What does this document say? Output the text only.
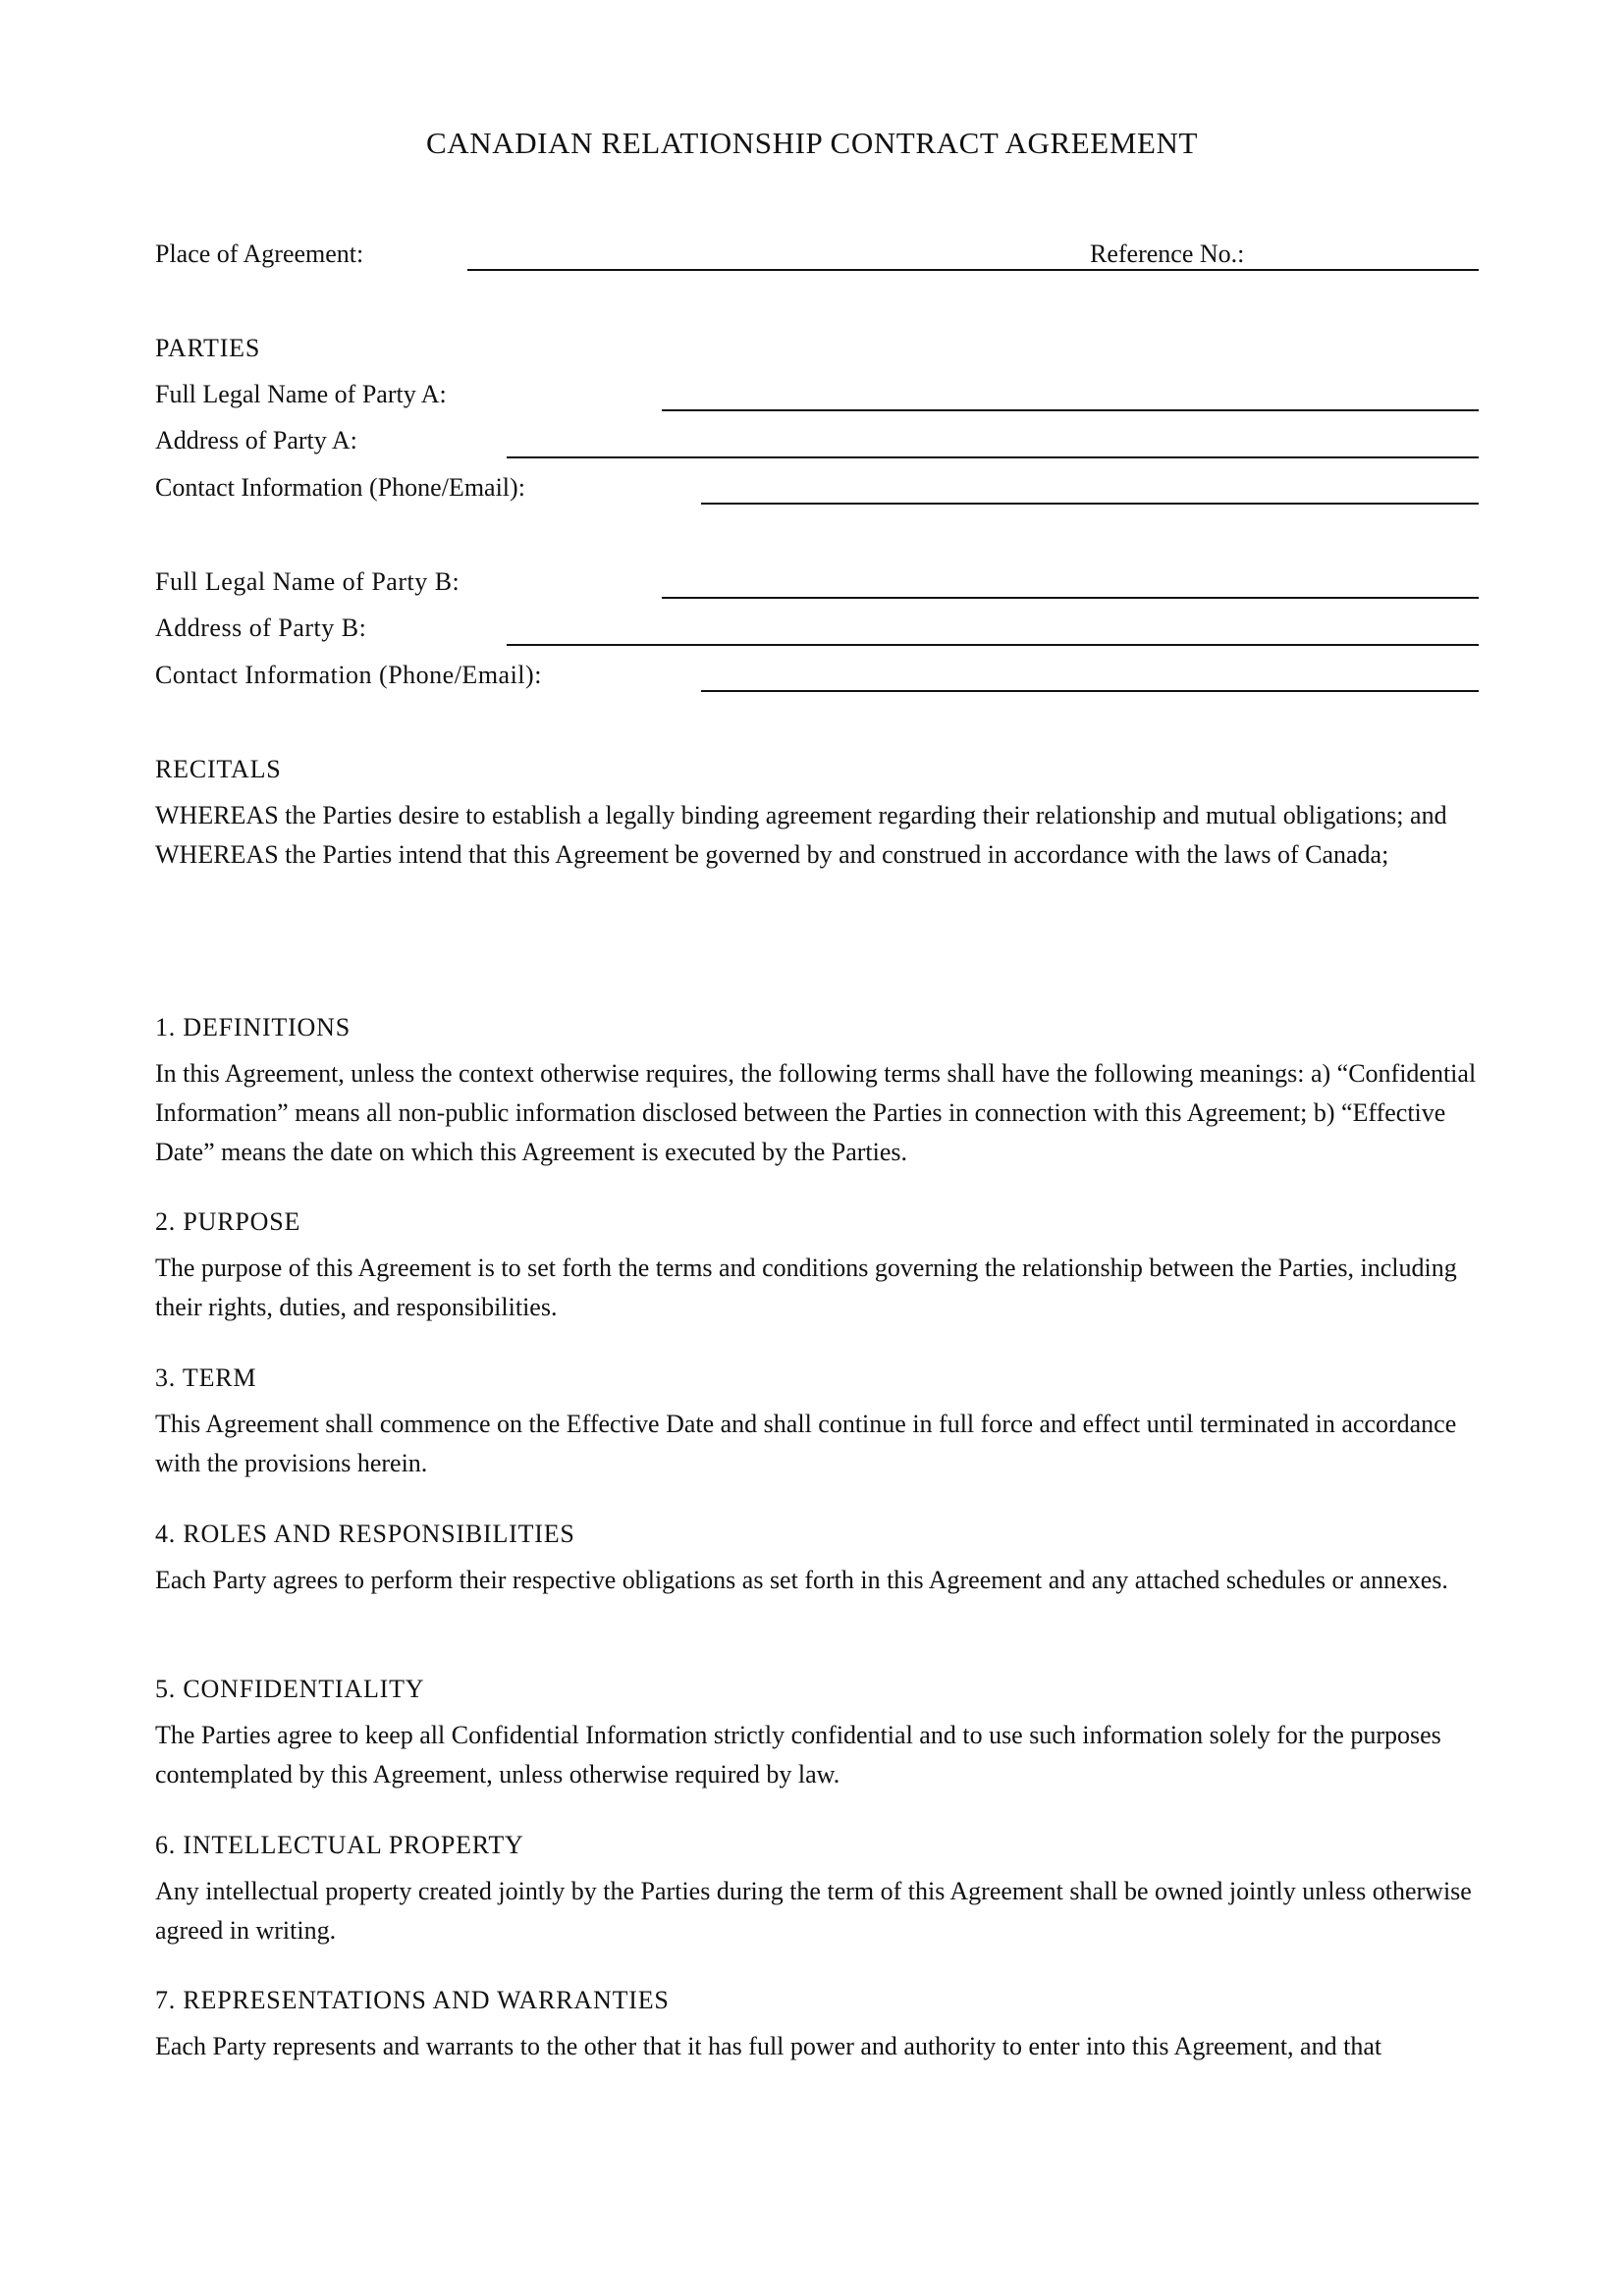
CANADIAN RELATIONSHIP CONTRACT AGREEMENT
Place of Agreement:	Reference No.:
PARTIES
Full Legal Name of Party A:
Address of Party A:
Contact Information (Phone/Email):
Full Legal Name of Party B:
Address of Party B:
Contact Information (Phone/Email):
RECITALS
WHEREAS the Parties desire to establish a legally binding agreement regarding their relationship and mutual obligations; and WHEREAS the Parties intend that this Agreement be governed by and construed in accordance with the laws of Canada;
1. DEFINITIONS
In this Agreement, unless the context otherwise requires, the following terms shall have the following meanings: a) “Confidential Information” means all non-public information disclosed between the Parties in connection with this Agreement; b) “Effective Date” means the date on which this Agreement is executed by the Parties.
2. PURPOSE
The purpose of this Agreement is to set forth the terms and conditions governing the relationship between the Parties, including their rights, duties, and responsibilities.
3. TERM
This Agreement shall commence on the Effective Date and shall continue in full force and effect until terminated in accordance with the provisions herein.
4. ROLES AND RESPONSIBILITIES
Each Party agrees to perform their respective obligations as set forth in this Agreement and any attached schedules or annexes.
5. CONFIDENTIALITY
The Parties agree to keep all Confidential Information strictly confidential and to use such information solely for the purposes contemplated by this Agreement, unless otherwise required by law.
6. INTELLECTUAL PROPERTY
Any intellectual property created jointly by the Parties during the term of this Agreement shall be owned jointly unless otherwise agreed in writing.
7. REPRESENTATIONS AND WARRANTIES
Each Party represents and warrants to the other that it has full power and authority to enter into this Agreement, and that
